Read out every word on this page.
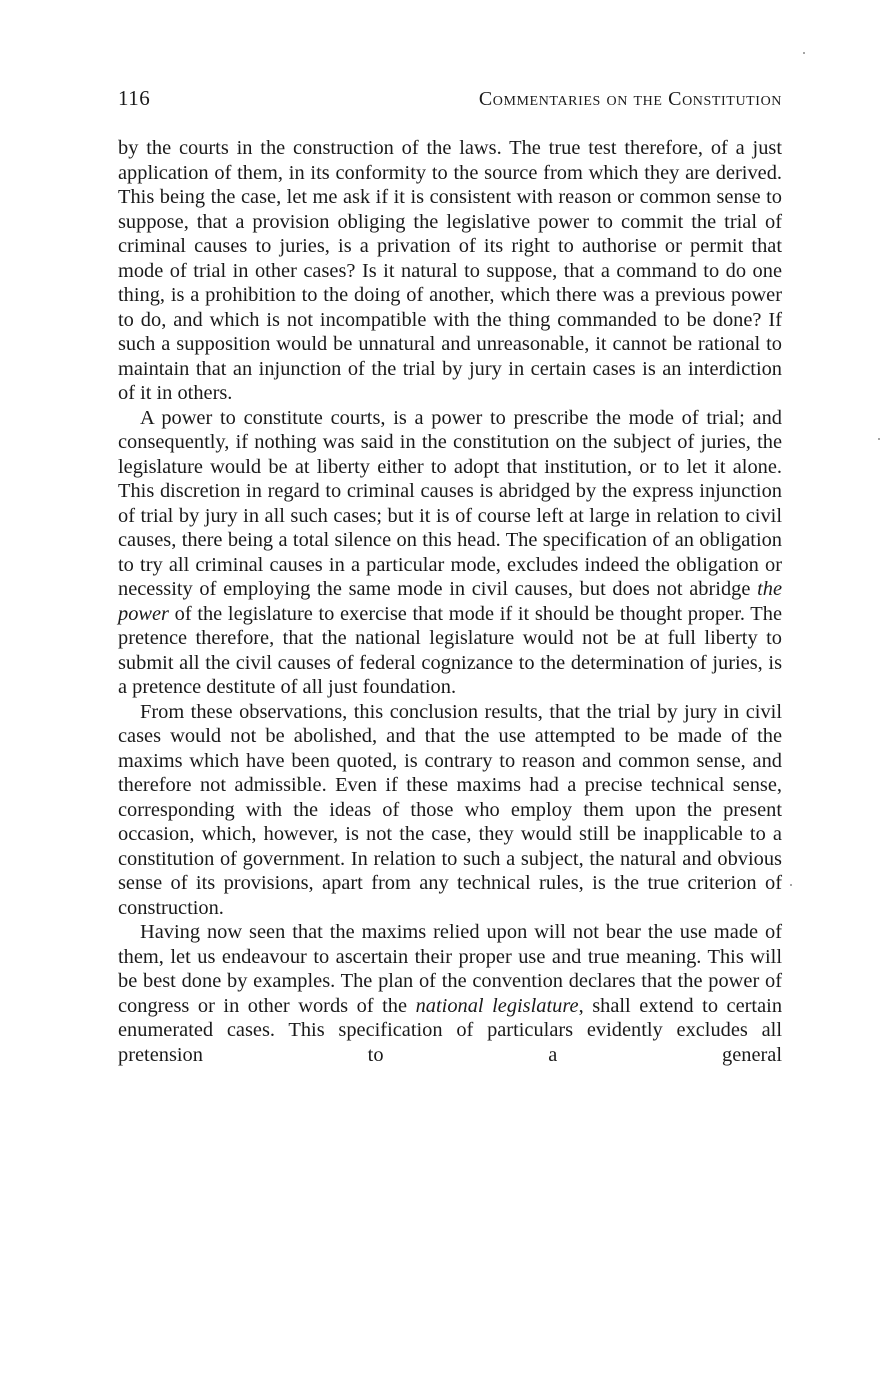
116	Commentaries on the Constitution

by the courts in the construction of the laws. The true test therefore, of a just application of them, in its conformity to the source from which they are derived. This being the case, let me ask if it is consistent with reason or common sense to suppose, that a provision obliging the legislative power to commit the trial of criminal causes to juries, is a privation of its right to authorise or permit that mode of trial in other cases? Is it natural to suppose, that a command to do one thing, is a prohibition to the doing of another, which there was a previous power to do, and which is not incompatible with the thing commanded to be done? If such a supposition would be unnatural and unreasonable, it cannot be rational to maintain that an injunction of the trial by jury in certain cases is an interdiction of it in others.

A power to constitute courts, is a power to prescribe the mode of trial; and consequently, if nothing was said in the constitution on the subject of juries, the legislature would be at liberty either to adopt that institution, or to let it alone. This discretion in regard to criminal causes is abridged by the express injunction of trial by jury in all such cases; but it is of course left at large in relation to civil causes, there being a total silence on this head. The specification of an obligation to try all criminal causes in a particular mode, excludes indeed the obligation or necessity of employing the same mode in civil causes, but does not abridge the power of the legislature to exercise that mode if it should be thought proper. The pretence therefore, that the national legislature would not be at full liberty to submit all the civil causes of federal cognizance to the determination of juries, is a pretence destitute of all just foundation.

From these observations, this conclusion results, that the trial by jury in civil cases would not be abolished, and that the use attempted to be made of the maxims which have been quoted, is contrary to reason and common sense, and therefore not admissible. Even if these maxims had a precise technical sense, corresponding with the ideas of those who employ them upon the present occasion, which, however, is not the case, they would still be inapplicable to a constitution of government. In relation to such a subject, the natural and obvious sense of its provisions, apart from any technical rules, is the true criterion of construction.

Having now seen that the maxims relied upon will not bear the use made of them, let us endeavour to ascertain their proper use and true meaning. This will be best done by examples. The plan of the convention declares that the power of congress or in other words of the national legislature, shall extend to certain enumerated cases. This specification of particulars evidently excludes all pretension to a general
